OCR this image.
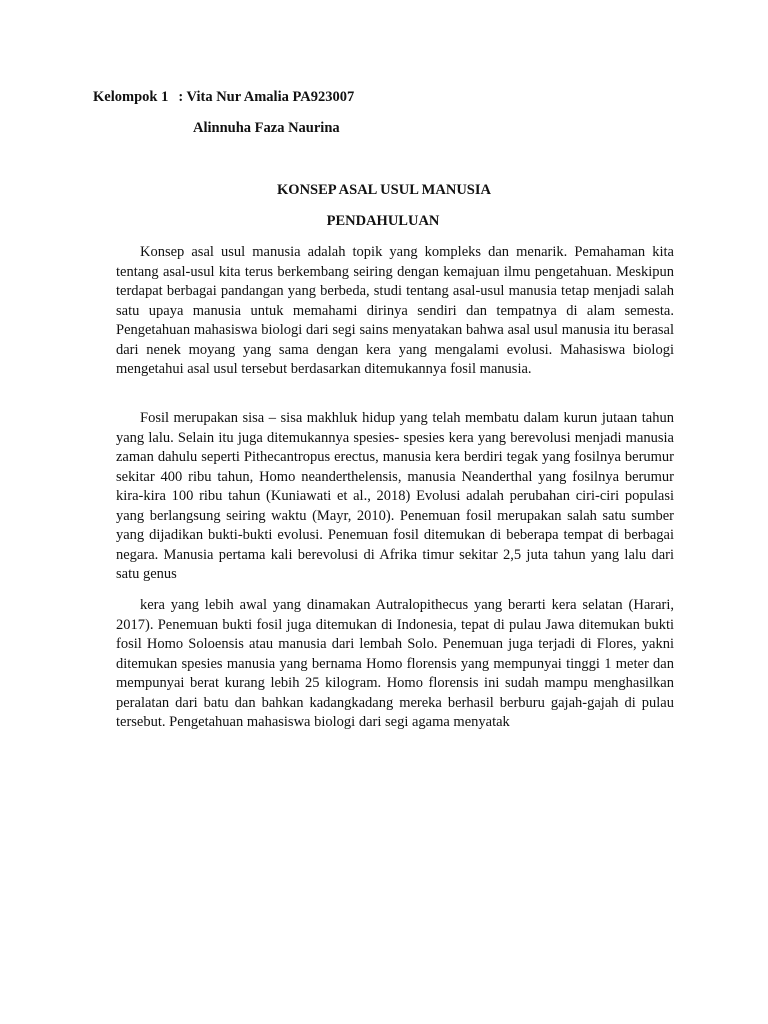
Kelompok 1 : Vita Nur Amalia PA923007
Alinnuha Faza Naurina
KONSEP ASAL USUL MANUSIA
PENDAHULUAN

Konsep asal usul manusia adalah topik yang kompleks dan menarik. Pemahaman kita tentang asal-usul kita terus berkembang seiring dengan kemajuan ilmu pengetahuan. Meskipun terdapat berbagai pandangan yang berbeda, studi tentang asal-usul manusia tetap menjadi salah satu upaya manusia untuk memahami dirinya sendiri dan tempatnya di alam semesta. Pengetahuan mahasiswa biologi dari segi sains menyatakan bahwa asal usul manusia itu berasal dari nenek moyang yang sama dengan kera yang mengalami evolusi. Mahasiswa biologi mengetahui asal usul tersebut berdasarkan ditemukannya fosil manusia.

Fosil merupakan sisa – sisa makhluk hidup yang telah membatu dalam kurun jutaan tahun yang lalu. Selain itu juga ditemukannya spesies- spesies kera yang berevolusi menjadi manusia zaman dahulu seperti Pithecantropus erectus, manusia kera berdiri tegak yang fosilnya berumur sekitar 400 ribu tahun, Homo neanderthelensis, manusia Neanderthal yang fosilnya berumur kira-kira 100 ribu tahun (Kuniawati et al., 2018) Evolusi adalah perubahan ciri-ciri populasi yang berlangsung seiring waktu (Mayr, 2010). Penemuan fosil merupakan salah satu sumber yang dijadikan bukti-bukti evolusi. Penemuan fosil ditemukan di beberapa tempat di berbagai negara. Manusia pertama kali berevolusi di Afrika timur sekitar 2,5 juta tahun yang lalu dari satu genus

kera yang lebih awal yang dinamakan Autralopithecus yang berarti kera selatan (Harari, 2017). Penemuan bukti fosil juga ditemukan di Indonesia, tepat di pulau Jawa ditemukan bukti fosil Homo Soloensis atau manusia dari lembah Solo. Penemuan juga terjadi di Flores, yakni ditemukan spesies manusia yang bernama Homo florensis yang mempunyai tinggi 1 meter dan mempunyai berat kurang lebih 25 kilogram. Homo florensis ini sudah mampu menghasilkan peralatan dari batu dan bahkan kadangkadang mereka berhasil berburu gajah-gajah di pulau tersebut. Pengetahuan mahasiswa biologi dari segi agama menyatak
